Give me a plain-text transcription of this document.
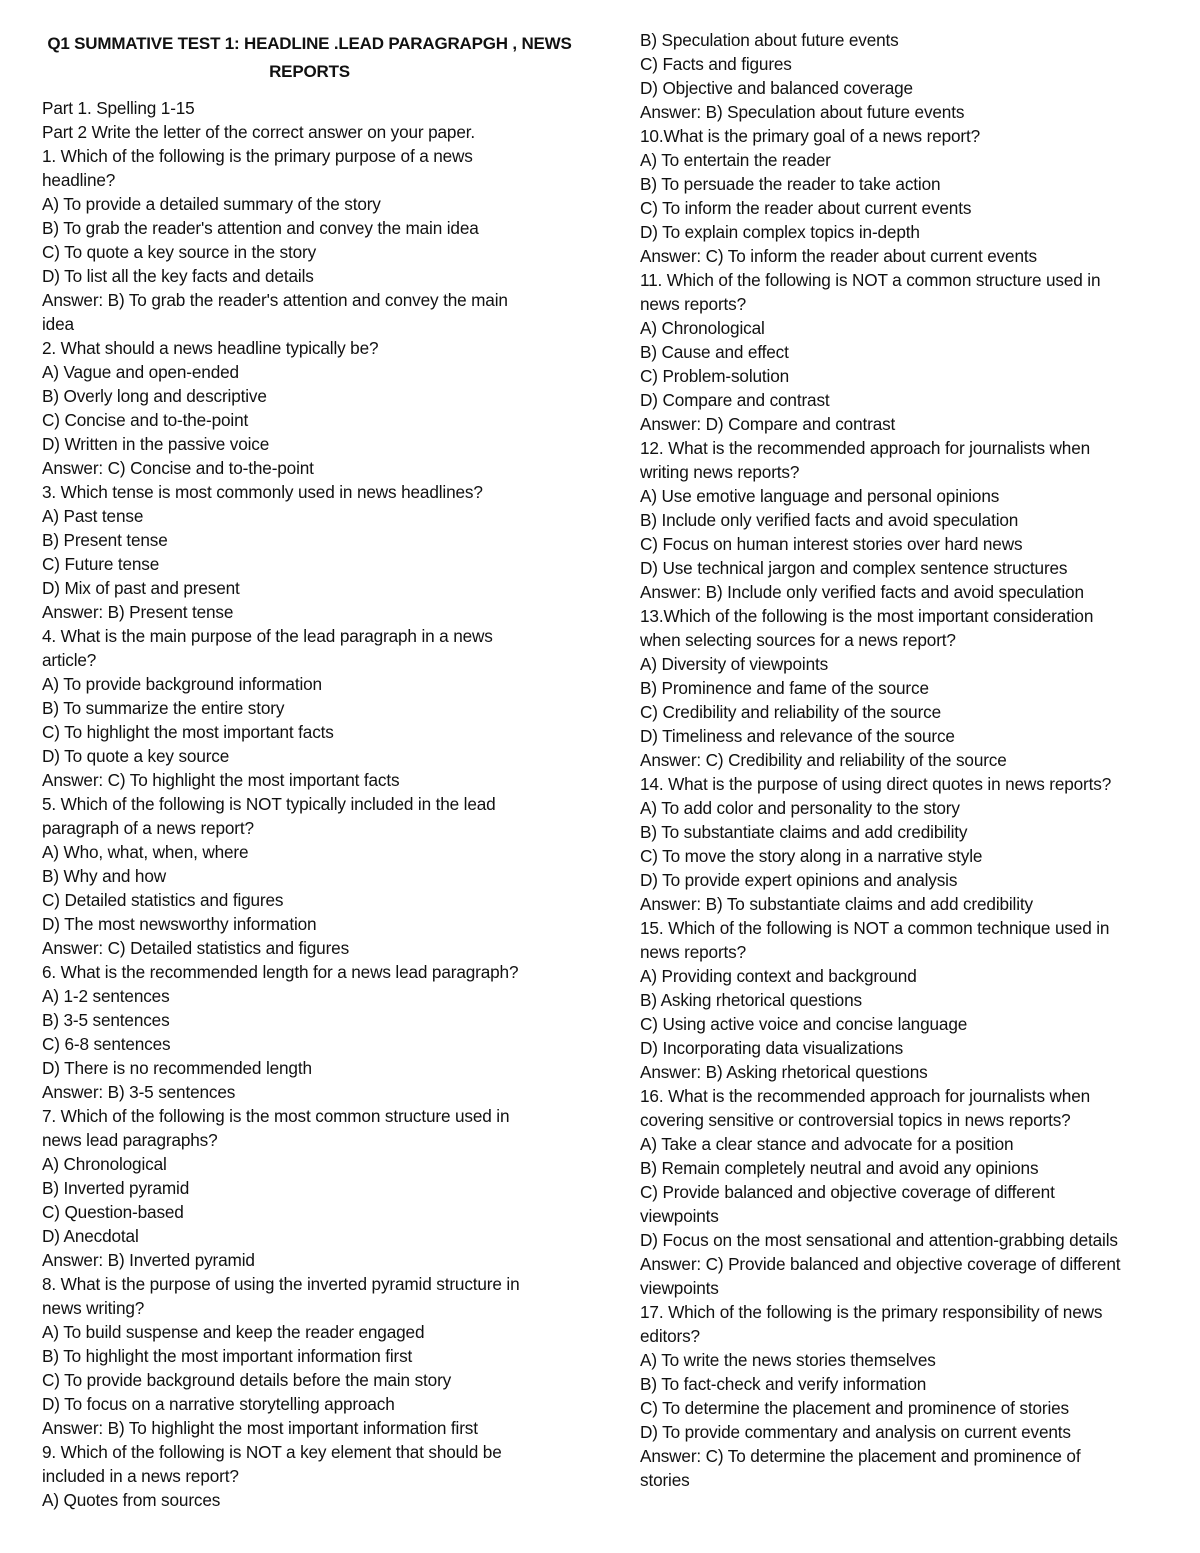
Q1 SUMMATIVE TEST 1: HEADLINE .LEAD PARAGRAPGH , NEWS
REPORTS
Part 1. Spelling 1-15
Part 2 Write the letter of the correct answer on your paper.
1. Which of the following is the primary purpose of a news
headline?
A) To provide a detailed summary of the story
B) To grab the reader's attention and convey the main idea
C) To quote a key source in the story
D) To list all the key facts and details
Answer: B) To grab the reader's attention and convey the main
idea
2. What should a news headline typically be?
A) Vague and open-ended
B) Overly long and descriptive
C) Concise and to-the-point
D) Written in the passive voice
Answer: C) Concise and to-the-point
3. Which tense is most commonly used in news headlines?
A) Past tense
B) Present tense
C) Future tense
D) Mix of past and present
Answer: B) Present tense
4. What is the main purpose of the lead paragraph in a news
article?
A) To provide background information
B) To summarize the entire story
C) To highlight the most important facts
D) To quote a key source
Answer: C) To highlight the most important facts
5. Which of the following is NOT typically included in the lead
paragraph of a news report?
A) Who, what, when, where
B) Why and how
C) Detailed statistics and figures
D) The most newsworthy information
Answer: C) Detailed statistics and figures
6. What is the recommended length for a news lead paragraph?
A) 1-2 sentences
B) 3-5 sentences
C) 6-8 sentences
D) There is no recommended length
Answer: B) 3-5 sentences
7. Which of the following is the most common structure used in
news lead paragraphs?
A) Chronological
B) Inverted pyramid
C) Question-based
D) Anecdotal
Answer: B) Inverted pyramid
8. What is the purpose of using the inverted pyramid structure in
news writing?
A) To build suspense and keep the reader engaged
B) To highlight the most important information first
C) To provide background details before the main story
D) To focus on a narrative storytelling approach
Answer: B) To highlight the most important information first
9. Which of the following is NOT a key element that should be
included in a news report?
A) Quotes from sources
B) Speculation about future events
C) Facts and figures
D) Objective and balanced coverage
Answer: B) Speculation about future events
10.What is the primary goal of a news report?
A) To entertain the reader
B) To persuade the reader to take action
C) To inform the reader about current events
D) To explain complex topics in-depth
Answer: C) To inform the reader about current events
11. Which of the following is NOT a common structure used in
news reports?
A) Chronological
B) Cause and effect
C) Problem-solution
D) Compare and contrast
Answer: D) Compare and contrast
12. What is the recommended approach for journalists when
writing news reports?
A) Use emotive language and personal opinions
B) Include only verified facts and avoid speculation
C) Focus on human interest stories over hard news
D) Use technical jargon and complex sentence structures
Answer: B) Include only verified facts and avoid speculation
13.Which of the following is the most important consideration
when selecting sources for a news report?
A) Diversity of viewpoints
B) Prominence and fame of the source
C) Credibility and reliability of the source
D) Timeliness and relevance of the source
Answer: C) Credibility and reliability of the source
14. What is the purpose of using direct quotes in news reports?
A) To add color and personality to the story
B) To substantiate claims and add credibility
C) To move the story along in a narrative style
D) To provide expert opinions and analysis
Answer: B) To substantiate claims and add credibility
15. Which of the following is NOT a common technique used in
news reports?
A) Providing context and background
B) Asking rhetorical questions
C) Using active voice and concise language
D) Incorporating data visualizations
Answer: B) Asking rhetorical questions
16. What is the recommended approach for journalists when
covering sensitive or controversial topics in news reports?
A) Take a clear stance and advocate for a position
B) Remain completely neutral and avoid any opinions
C) Provide balanced and objective coverage of different
viewpoints
D) Focus on the most sensational and attention-grabbing details
Answer: C) Provide balanced and objective coverage of different
viewpoints
17. Which of the following is the primary responsibility of news
editors?
A) To write the news stories themselves
B) To fact-check and verify information
C) To determine the placement and prominence of stories
D) To provide commentary and analysis on current events
Answer: C) To determine the placement and prominence of
stories
